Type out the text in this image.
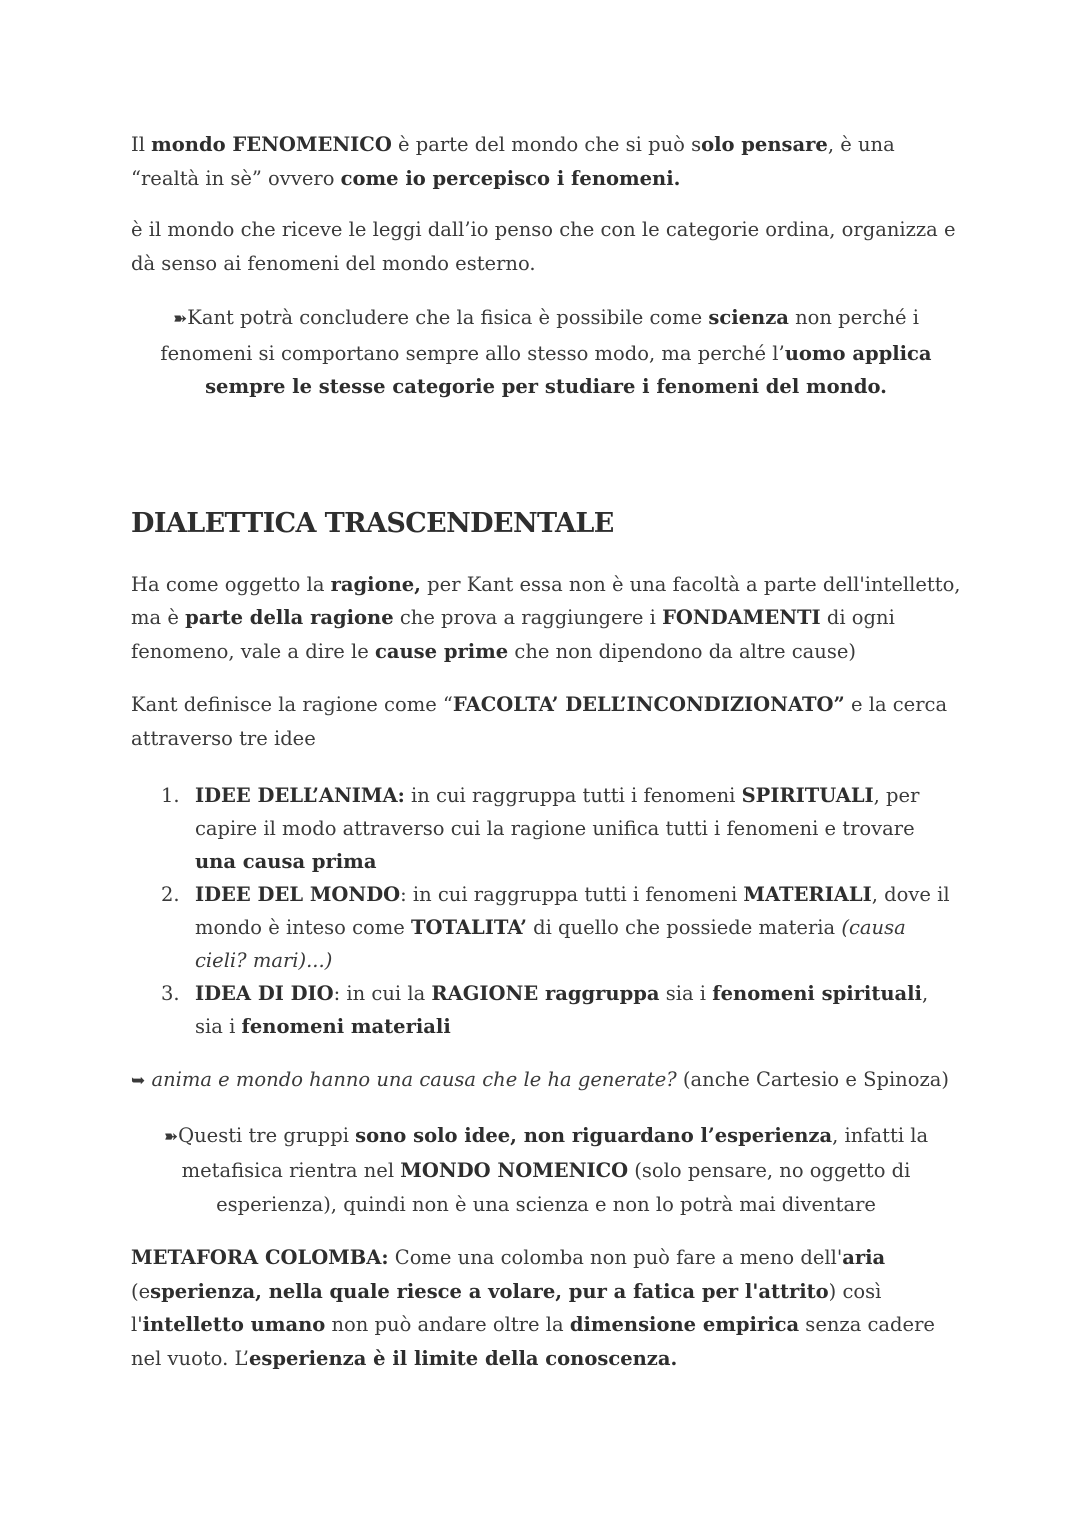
Il mondo FENOMENICO è parte del mondo che si può solo pensare, è una “realtà in sè” ovvero come io percepisco i fenomeni.

è il mondo che riceve le leggi dall’io penso che con le categorie ordina, organizza e dà senso ai fenomeni del mondo esterno.

➽Kant potrà concludere che la fisica è possibile come scienza non perché i fenomeni si comportano sempre allo stesso modo, ma perché l’uomo applica sempre le stesse categorie per studiare i fenomeni del mondo.

DIALETTICA TRASCENDENTALE

Ha come oggetto la ragione, per Kant essa non è una facoltà a parte dell'intelletto, ma è parte della ragione che prova a raggiungere i FONDAMENTI di ogni fenomeno, vale a dire le cause prime che non dipendono da altre cause)

Kant definisce la ragione come “FACOLTA’ DELL’INCONDIZIONATO” e la cerca attraverso tre idee

1. IDEE DELL’ANIMA: in cui raggruppa tutti i fenomeni SPIRITUALI, per capire il modo attraverso cui la ragione unifica tutti i fenomeni e trovare una causa prima
2. IDEE DEL MONDO: in cui raggruppa tutti i fenomeni MATERIALI, dove il mondo è inteso come TOTALITA’ di quello che possiede materia (causa cieli? mari)...)
3. IDEA DI DIO: in cui la RAGIONE raggruppa sia i fenomeni spirituali, sia i fenomeni materiali

➥ anima e mondo hanno una causa che le ha generate? (anche Cartesio e Spinoza)

➽Questi tre gruppi sono solo idee, non riguardano l’esperienza, infatti la metafisica rientra nel MONDO NOMENICO (solo pensare, no oggetto di esperienza), quindi non è una scienza e non lo potrà mai diventare

METAFORA COLOMBA: Come una colomba non può fare a meno dell'aria (esperienza, nella quale riesce a volare, pur a fatica per l'attrito) così l'intelletto umano non può andare oltre la dimensione empirica senza cadere nel vuoto. L’esperienza è il limite della conoscenza.
